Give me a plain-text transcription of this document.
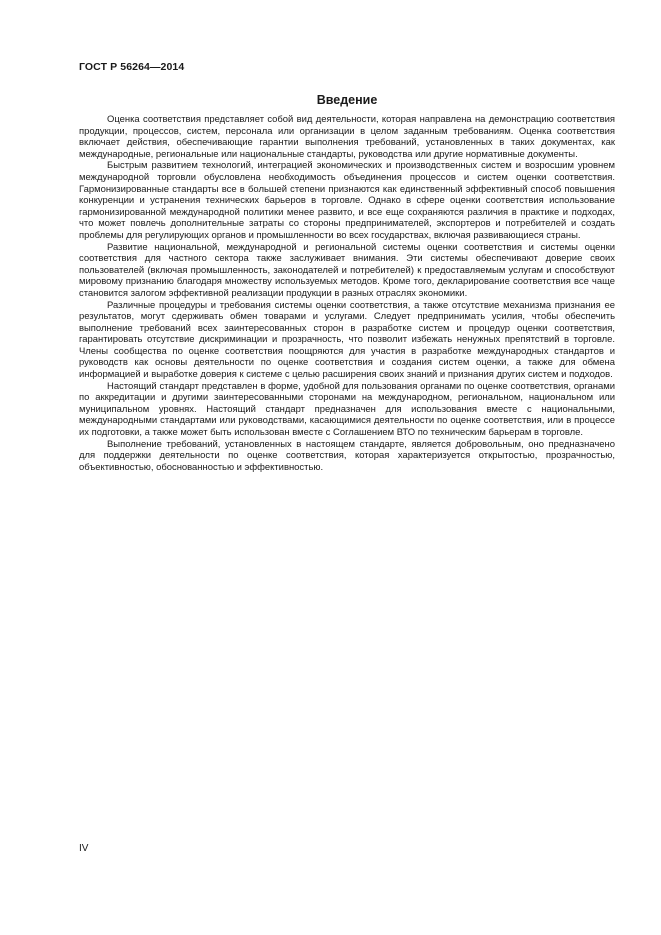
ГОСТ Р 56264—2014
Введение

Оценка соответствия представляет собой вид деятельности, которая направлена на демонстрацию соответствия продукции, процессов, систем, персонала или организации в целом заданным требованиям. Оценка соответствия включает действия, обеспечивающие гарантии выполнения требований, установленных в таких документах, как международные, региональные или национальные стандарты, руководства или другие нормативные документы.

Быстрым развитием технологий, интеграцией экономических и производственных систем и возросшим уровнем международной торговли обусловлена необходимость объединения процессов и систем оценки соответствия. Гармонизированные стандарты все в большей степени признаются как единственный эффективный способ повышения конкуренции и устранения технических барьеров в торговле. Однако в сфере оценки соответствия использование гармонизированной международной политики менее развито, и все еще сохраняются различия в практике и подходах, что может повлечь дополнительные затраты со стороны предпринимателей, экспортеров и потребителей и создать проблемы для регулирующих органов и промышленности во всех государствах, включая развивающиеся страны.

Развитие национальной, международной и региональной системы оценки соответствия и системы оценки соответствия для частного сектора также заслуживает внимания. Эти системы обеспечивают доверие своих пользователей (включая промышленность, законодателей и потребителей) к предоставляемым услугам и способствуют мировому признанию благодаря множеству используемых методов. Кроме того, декларирование соответствия все чаще становится залогом эффективной реализации продукции в разных отраслях экономики.

Различные процедуры и требования системы оценки соответствия, а также отсутствие механизма признания ее результатов, могут сдерживать обмен товарами и услугами. Следует предпринимать усилия, чтобы обеспечить выполнение требований всех заинтересованных сторон в разработке систем и процедур оценки соответствия, гарантировать отсутствие дискриминации и прозрачность, что позволит избежать ненужных препятствий в торговле. Члены сообщества по оценке соответствия поощряются для участия в разработке международных стандартов и руководств как основы деятельности по оценке соответствия и создания систем оценки, а также для обмена информацией и выработке доверия к системе с целью расширения своих знаний и признания других систем и подходов.

Настоящий стандарт представлен в форме, удобной для пользования органами по оценке соответствия, органами по аккредитации и другими заинтересованными сторонами на международном, региональном, национальном или муниципальном уровнях. Настоящий стандарт предназначен для использования вместе с национальными, международными стандартами или руководствами, касающимися деятельности по оценке соответствия, или в процессе их подготовки, а также может быть использован вместе с Соглашением ВТО по техническим барьерам в торговле.

Выполнение требований, установленных в настоящем стандарте, является добровольным, оно предназначено для поддержки деятельности по оценке соответствия, которая характеризуется открытостью, прозрачностью, объективностью, обоснованностью и эффективностью.

IV
